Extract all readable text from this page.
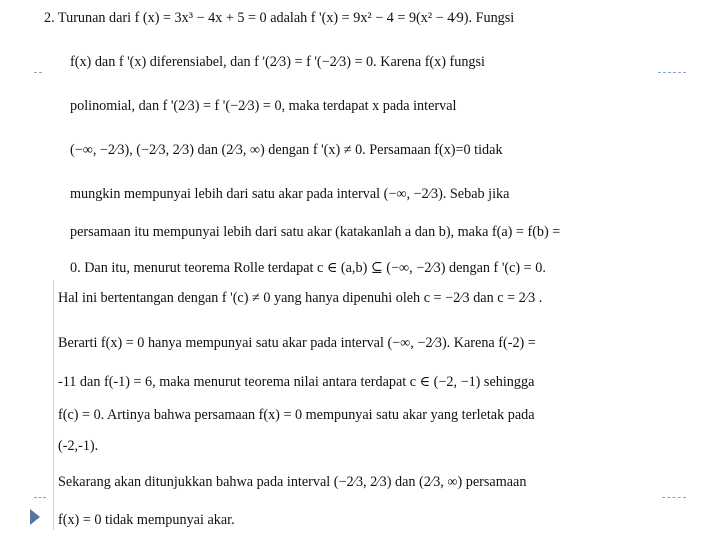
2. Turunan dari f (x) = 3x³ − 4x + 5 = 0 adalah f '(x) = 9x² − 4 = 9(x² − 4⁄9). Fungsi
f(x) dan f '(x) diferensiabel, dan f '(2⁄3) = f '(−2⁄3) = 0. Karena f(x) fungsi
polinomial, dan f '(2⁄3) = f '(−2⁄3) = 0, maka terdapat x pada interval
(−∞, −2⁄3), (−2⁄3, 2⁄3) dan (2⁄3, ∞) dengan f '(x) ≠ 0. Persamaan f(x)=0 tidak
mungkin mempunyai lebih dari satu akar pada interval (−∞, −2⁄3). Sebab jika
persamaan itu mempunyai lebih dari satu akar (katakanlah a dan b), maka f(a) = f(b) =
0. Dan itu, menurut teorema Rolle terdapat c ∈ (a,b) ⊆ (−∞, −2⁄3) dengan f '(c) = 0.
Hal ini bertentangan dengan f '(c) ≠ 0 yang hanya dipenuhi oleh c = −2⁄3 dan c = 2⁄3 .
Berarti f(x) = 0 hanya mempunyai satu akar pada interval (−∞, −2⁄3). Karena f(-2) =
-11 dan f(-1) = 6, maka menurut teorema nilai antara terdapat c ∈ (−2, −1) sehingga
f(c) = 0. Artinya bahwa persamaan f(x) = 0 mempunyai satu akar yang terletak pada
(-2,-1).
Sekarang akan ditunjukkan bahwa pada interval (−2⁄3, 2⁄3) dan (2⁄3, ∞) persamaan
f(x) = 0 tidak mempunyai akar.
